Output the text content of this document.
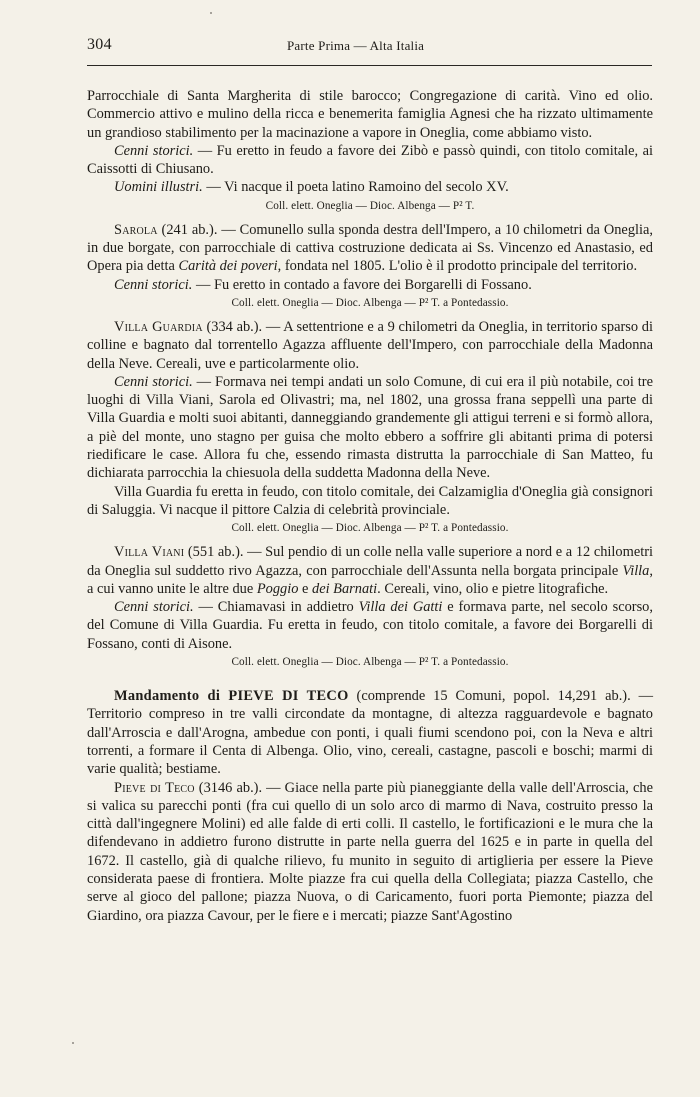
304	Parte Prima — Alta Italia

Parrocchiale di Santa Margherita di stile barocco; Congregazione di carità. Vino ed olio. Commercio attivo e mulino della ricca e benemerita famiglia Agnesi che ha rizzato ultimamente un grandioso stabilimento per la macinazione a vapore in Oneglia, come abbiamo visto.

Cenni storici. — Fu eretto in feudo a favore dei Zibò e passò quindi, con titolo comitale, ai Caissotti di Chiusano.

Uomini illustri. — Vi nacque il poeta latino Ramoino del secolo XV.

Coll. elett. Oneglia — Dioc. Albenga — P² T.

Sarola (241 ab.). — Comunello sulla sponda destra dell'Impero, a 10 chilometri da Oneglia, in due borgate, con parrocchiale di cattiva costruzione dedicata ai Ss. Vincenzo ed Anastasio, ed Opera pia detta Carità dei poveri, fondata nel 1805. L'olio è il prodotto principale del territorio.

Cenni storici. — Fu eretto in contado a favore dei Borgarelli di Fossano.

Coll. elett. Oneglia — Dioc. Albenga — P² T. a Pontedassio.

Villa Guardia (334 ab.). — A settentrione e a 9 chilometri da Oneglia, in territorio sparso di colline e bagnato dal torrentello Agazza affluente dell'Impero, con parrocchiale della Madonna della Neve. Cereali, uve e particolarmente olio.

Cenni storici. — Formava nei tempi andati un solo Comune, di cui era il più notabile, coi tre luoghi di Villa Viani, Sarola ed Olivastri; ma, nel 1802, una grossa frana seppellì una parte di Villa Guardia e molti suoi abitanti, danneggiando grandemente gli attigui terreni e si formò allora, a piè del monte, uno stagno per guisa che molto ebbero a soffrire gli abitanti prima di potersi riedificare le case. Allora fu che, essendo rimasta distrutta la parrocchiale di San Matteo, fu dichiarata parrocchia la chiesuola della suddetta Madonna della Neve.

Villa Guardia fu eretta in feudo, con titolo comitale, dei Calzamiglia d'Oneglia già consignori di Saluggia. Vi nacque il pittore Calzia di celebrità provinciale.

Coll. elett. Oneglia — Dioc. Albenga — P² T. a Pontedassio.

Villa Viani (551 ab.). — Sul pendio di un colle nella valle superiore a nord e a 12 chilometri da Oneglia sul suddetto rivo Agazza, con parrocchiale dell'Assunta nella borgata principale Villa, a cui vanno unite le altre due Poggio e dei Barnati. Cereali, vino, olio e pietre litografiche.

Cenni storici. — Chiamavasi in addietro Villa dei Gatti e formava parte, nel secolo scorso, del Comune di Villa Guardia. Fu eretta in feudo, con titolo comitale, a favore dei Borgarelli di Fossano, conti di Aisone.

Coll. elett. Oneglia — Dioc. Albenga — P² T. a Pontedassio.

Mandamento di PIEVE DI TECO (comprende 15 Comuni, popol. 14,291 ab.). — Territorio compreso in tre valli circondate da montagne, di altezza ragguardevole e bagnato dall'Arroscia e dall'Arogna, ambedue con ponti, i quali fiumi scendono poi, con la Neva e altri torrenti, a formare il Centa di Albenga. Olio, vino, cereali, castagne, pascoli e boschi; marmi di varie qualità; bestiame.

Pieve di Teco (3146 ab.). — Giace nella parte più pianeggiante della valle dell'Arroscia, che si valica su parecchi ponti (fra cui quello di un solo arco di marmo di Nava, costruito presso la città dall'ingegnere Molini) ed alle falde di erti colli. Il castello, le fortificazioni e le mura che la difendevano in addietro furono distrutte in parte nella guerra del 1625 e in parte in quella del 1672. Il castello, già di qualche rilievo, fu munito in seguito di artiglieria per essere la Pieve considerata paese di frontiera. Molte piazze fra cui quella della Collegiata; piazza Castello, che serve al gioco del pallone; piazza Nuova, o di Caricamento, fuori porta Piemonte; piazza del Giardino, ora piazza Cavour, per le fiere e i mercati; piazze Sant'Agostino
